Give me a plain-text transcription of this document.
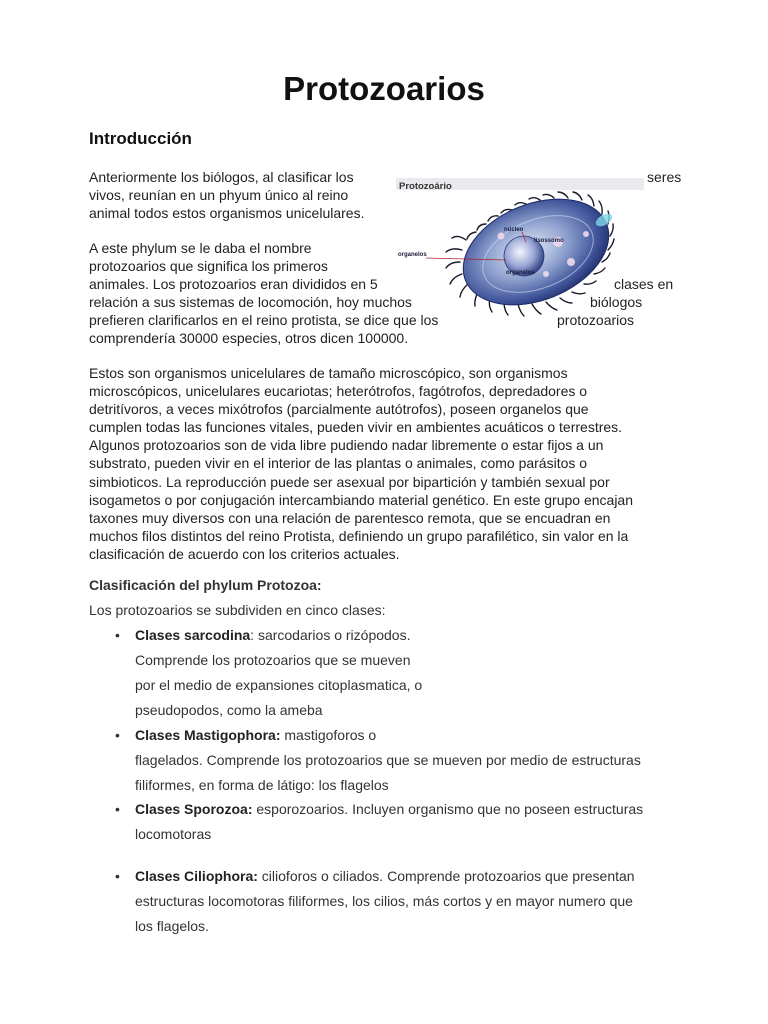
Protozoarios
Introducción

Anteriormente los biólogos, al clasificar los

vivos, reunían en un phyum único al reino

animal todos estos organismos unicelulares.

seres

A este phylum se le daba el nombre

protozoarios que significa los primeros

animales. Los protozoarios eran divididos en 5

relación a sus sistemas de locomoción, hoy muchos

prefieren clarificarlos en el reino protista, se dice que los

comprendería 30000 especies, otros dicen 100000.

clases en
biólogos
protozoarios
Protozoário
núcleo
lisossomo
organelos
organelos

Estos son organismos unicelulares de tamaño microscópico, son organismos

microscópicos, unicelulares eucariotas; heterótrofos, fagótrofos, depredadores o

detritívoros, a veces mixótrofos (parcialmente autótrofos), poseen organelos que

cumplen todas las funciones vitales, pueden vivir en ambientes acuáticos o terrestres.

Algunos protozoarios son de vida libre pudiendo nadar libremente o estar fijos a un

substrato, pueden vivir en el interior de las plantas o animales, como parásitos o

simbioticos. La reproducción puede ser asexual por bipartición y también sexual por

isogametos o por conjugación intercambiando material genético. En este grupo encajan

taxones muy diversos con una relación de parentesco remota, que se encuadran en

muchos filos distintos del reino Protista, definiendo un grupo parafilético, sin valor en la

clasificación de acuerdo con los criterios actuales.

Clasificación del phylum Protozoa:
Los protozoarios se subdividen en cinco clases:
• Clases sarcodina: sarcodarios o rizópodos.
Comprende los protozoarios que se mueven
por el medio de expansiones citoplasmatica, o
pseudopodos, como la ameba
• Clases Mastigophora: mastigoforos o
flagelados. Comprende los protozoarios que se mueven por medio de estructuras
filiformes, en forma de látigo: los flagelos
• Clases Sporozoa: esporozoarios. Incluyen organismo que no poseen estructuras
locomotoras
• Clases Ciliophora: cilioforos o ciliados. Comprende protozoarios que presentan
estructuras locomotoras filiformes, los cilios, más cortos y en mayor numero que
los flagelos.
